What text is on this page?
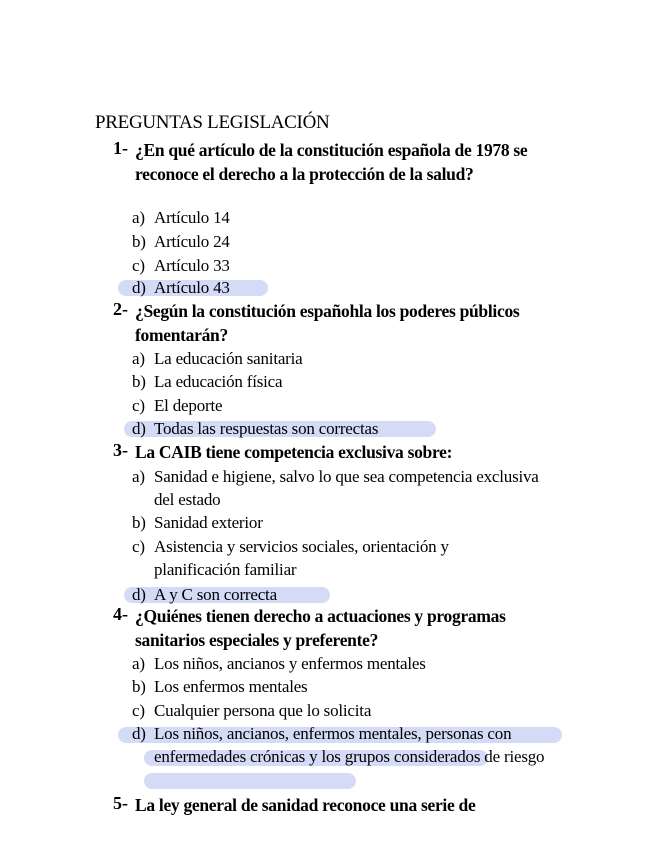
PREGUNTAS LEGISLACIÓN
1- ¿En qué artículo de la constitución española de 1978 se reconoce el derecho a la protección de la salud?
a) Artículo 14
b) Artículo 24
c) Artículo 33
d) Artículo 43
2- ¿Según la constitución españohla los poderes públicos fomentarán?
a) La educación sanitaria
b) La educación física
c) El deporte
d) Todas las respuestas son correctas
3- La CAIB tiene competencia exclusiva sobre:
a) Sanidad e higiene, salvo lo que sea competencia exclusiva del estado
b) Sanidad exterior
c) Asistencia y servicios sociales, orientación y planificación familiar
d) A y C son correcta
4- ¿Quiénes tienen derecho a actuaciones y programas sanitarios especiales y preferente?
a) Los niños, ancianos y enfermos mentales
b) Los enfermos mentales
c) Cualquier persona que lo solicita
d) Los niños, ancianos, enfermos mentales, personas con enfermedades crónicas y los grupos considerados de riesgo
5- La ley general de sanidad reconoce una serie de
